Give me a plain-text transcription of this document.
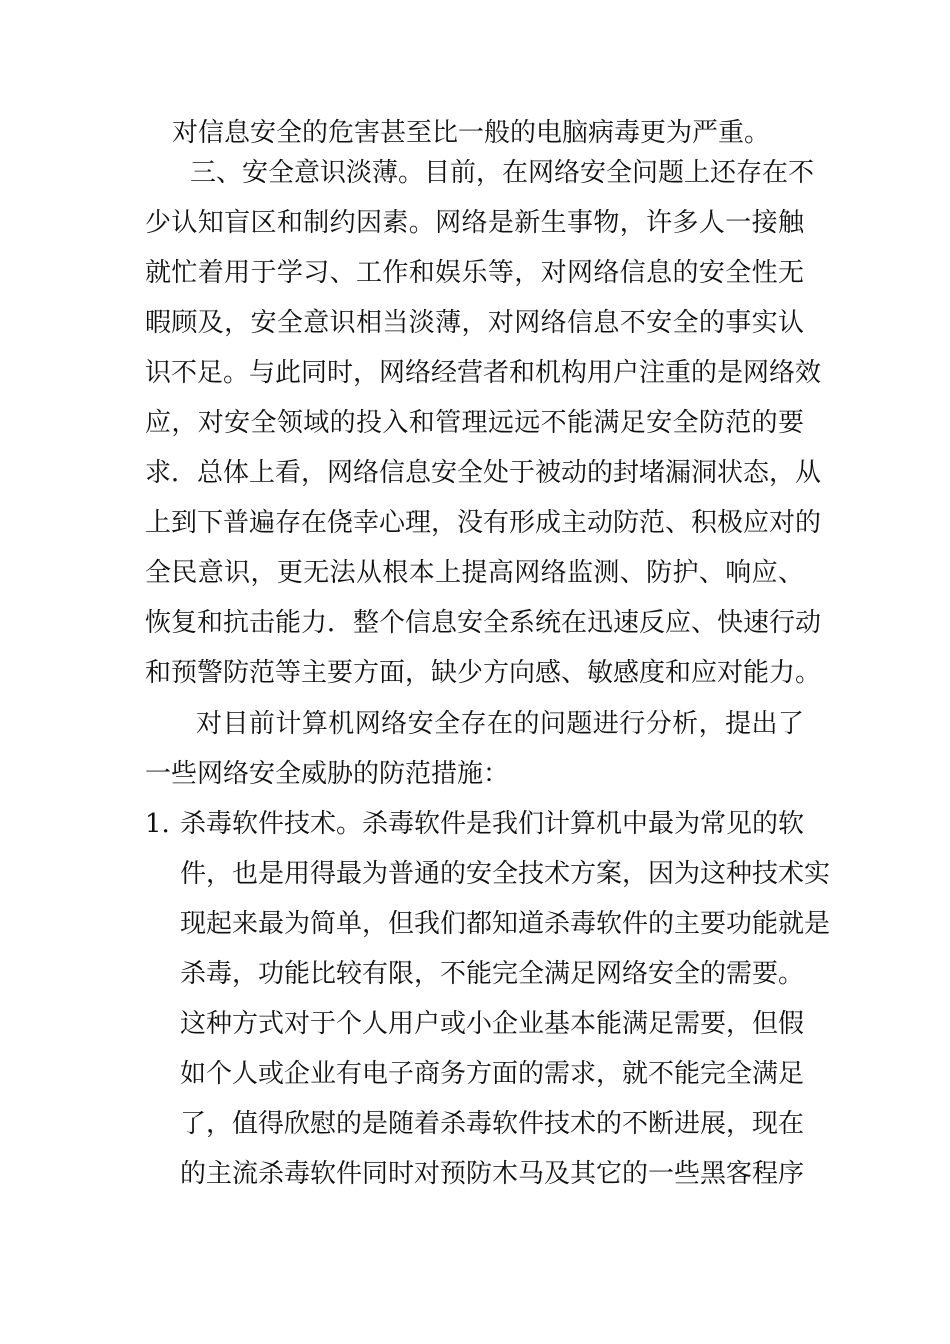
对信息安全的危害甚至比一般的电脑病毒更为严重。
三、安全意识淡薄。目前，在网络安全问题上还存在不
少认知盲区和制约因素。网络是新生事物，许多人一接触
就忙着用于学习、工作和娱乐等，对网络信息的安全性无
暇顾及，安全意识相当淡薄，对网络信息不安全的事实认
识不足。与此同时，网络经营者和机构用户注重的是网络效
应，对安全领域的投入和管理远远不能满足安全防范的要
求．总体上看，网络信息安全处于被动的封堵漏洞状态，从
上到下普遍存在侥幸心理，没有形成主动防范、积极应对的
全民意识，更无法从根本上提高网络监测、防护、响应、
恢复和抗击能力．整个信息安全系统在迅速反应、快速行动
和预警防范等主要方面，缺少方向感、敏感度和应对能力。
对目前计算机网络安全存在的问题进行分析，提出了
一些网络安全威胁的防范措施：
1. 杀毒软件技术。杀毒软件是我们计算机中最为常见的软
件，也是用得最为普通的安全技术方案，因为这种技术实
现起来最为简单，但我们都知道杀毒软件的主要功能就是
杀毒，功能比较有限，不能完全满足网络安全的需要。
这种方式对于个人用户或小企业基本能满足需要，但假
如个人或企业有电子商务方面的需求，就不能完全满足
了，值得欣慰的是随着杀毒软件技术的不断进展，现在
的主流杀毒软件同时对预防木马及其它的一些黑客程序
